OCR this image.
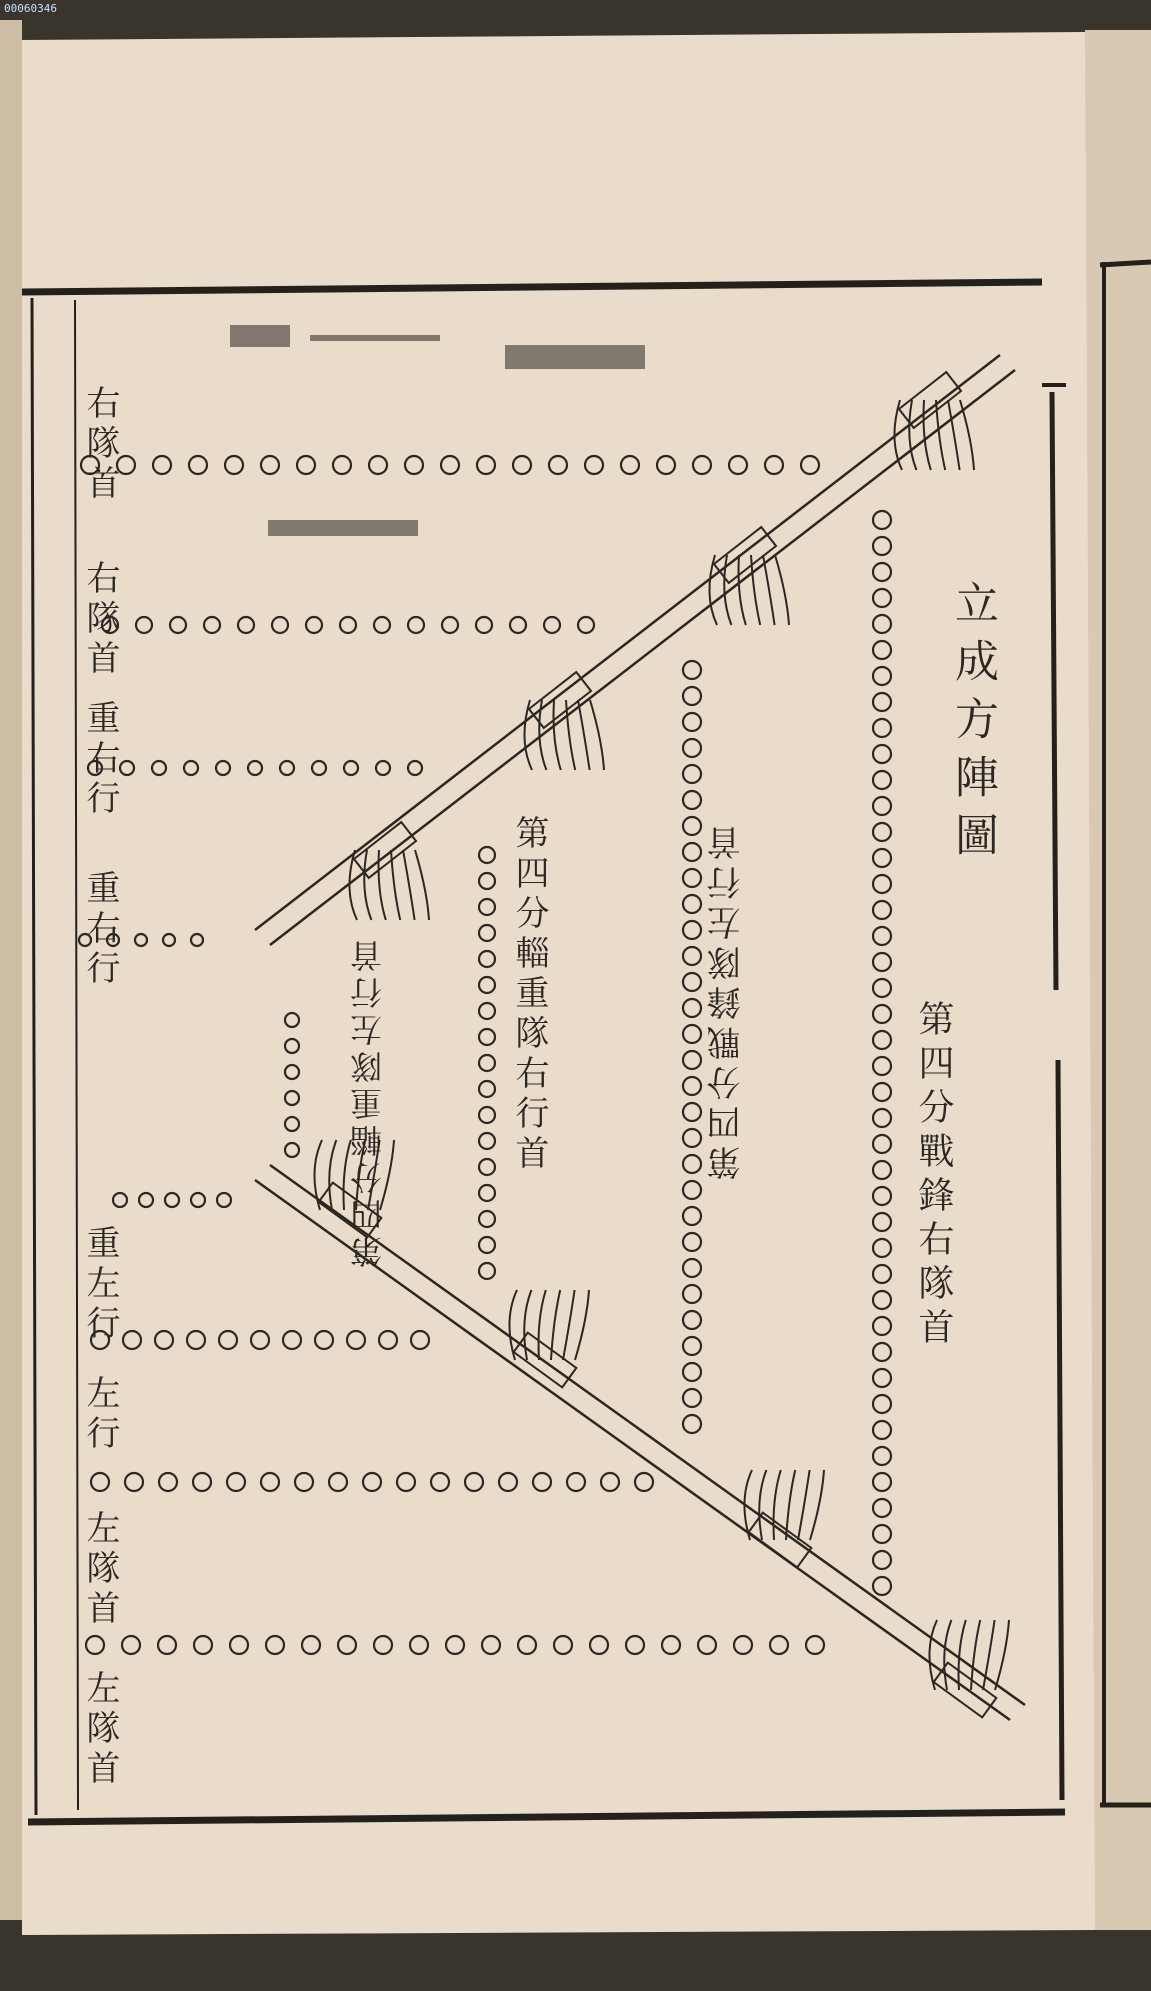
00060346
立成方陣圖
右隊首
右隊首
重右行
重右行
重左行
左行
左隊首
左隊首
第四分戰鋒右隊首
第四分輜重隊右行首	第四分戰鋒隊左行首
第四分輜重隊左行首
